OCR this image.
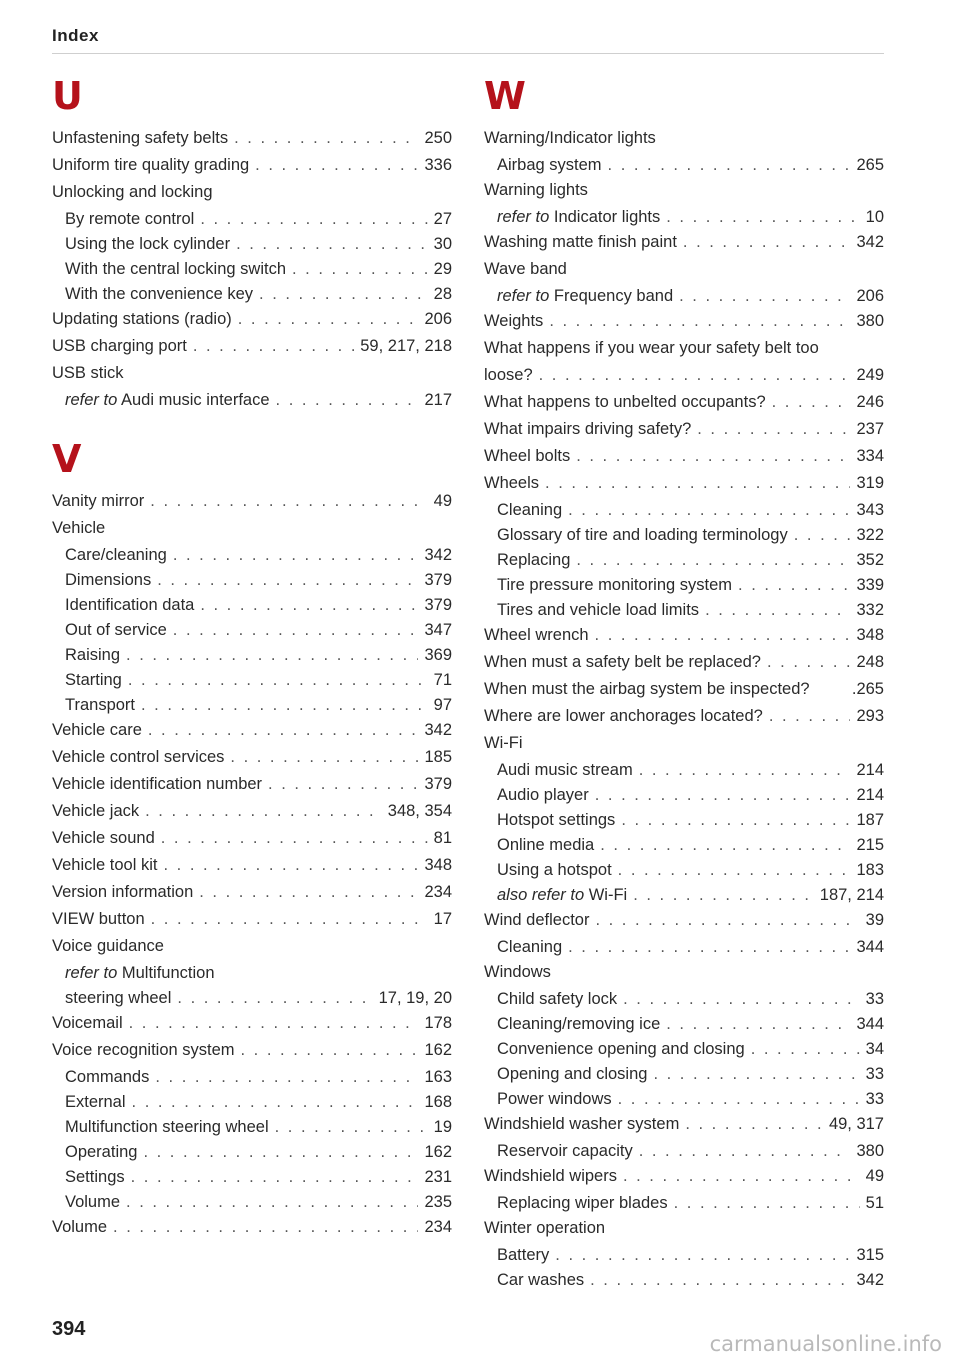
Index
U
Unfastening safety belts . . .	250
Uniform tire quality grading . . .	336
Unlocking and locking
By remote control . . .	27
Using the lock cylinder . . .	30
With the central locking switch . . .	29
With the convenience key . . .	28
Updating stations (radio) . . .	206
USB charging port . . .	59, 217, 218
USB stick
refer to Audi music interface . . .	217
V
Vanity mirror . . .	49
Vehicle
Care/cleaning . . .	342
Dimensions . . .	379
Identification data . . .	379
Out of service . . .	347
Raising . . .	369
Starting . . .	71
Transport . . .	97
Vehicle care . . .	342
Vehicle control services . . .	185
Vehicle identification number . . .	379
Vehicle jack . . .	348, 354
Vehicle sound . . .	81
Vehicle tool kit . . .	348
Version information . . .	234
VIEW button . . .	17
Voice guidance
refer to Multifunction
steering wheel . . .	17, 19, 20
Voicemail . . .	178
Voice recognition system . . .	162
Commands . . .	163
External . . .	168
Multifunction steering wheel . . .	19
Operating . . .	162
Settings . . .	231
Volume . . .	235
Volume . . .	234
W
Warning/Indicator lights
Airbag system . . .	265
Warning lights
refer to Indicator lights . . .	10
Washing matte finish paint . . .	342
Wave band
refer to Frequency band . . .	206
Weights . . .	380
What happens if you wear your safety belt too
loose? . . .	249
What happens to unbelted occupants? . . .	246
What impairs driving safety? . . .	237
Wheel bolts . . .	334
Wheels . . .	319
Cleaning . . .	343
Glossary of tire and loading terminology . . .	322
Replacing . . .	352
Tire pressure monitoring system . . .	339
Tires and vehicle load limits . . .	332
Wheel wrench . . .	348
When must a safety belt be replaced? . . .	248
When must the airbag system be inspected?	.265
Where are lower anchorages located? . . .	293
Wi-Fi
Audi music stream . . .	214
Audio player . . .	214
Hotspot settings . . .	187
Online media . . .	215
Using a hotspot . . .	183
also refer to Wi-Fi . . .	187, 214
Wind deflector . . .	39
Cleaning . . .	344
Windows
Child safety lock . . .	33
Cleaning/removing ice . . .	344
Convenience opening and closing . . .	34
Opening and closing . . .	33
Power windows . . .	33
Windshield washer system . . .	49, 317
Reservoir capacity . . .	380
Windshield wipers . . .	49
Replacing wiper blades . . .	51
Winter operation
Battery . . .	315
Car washes . . .	342
394
carmanualsonline.info
